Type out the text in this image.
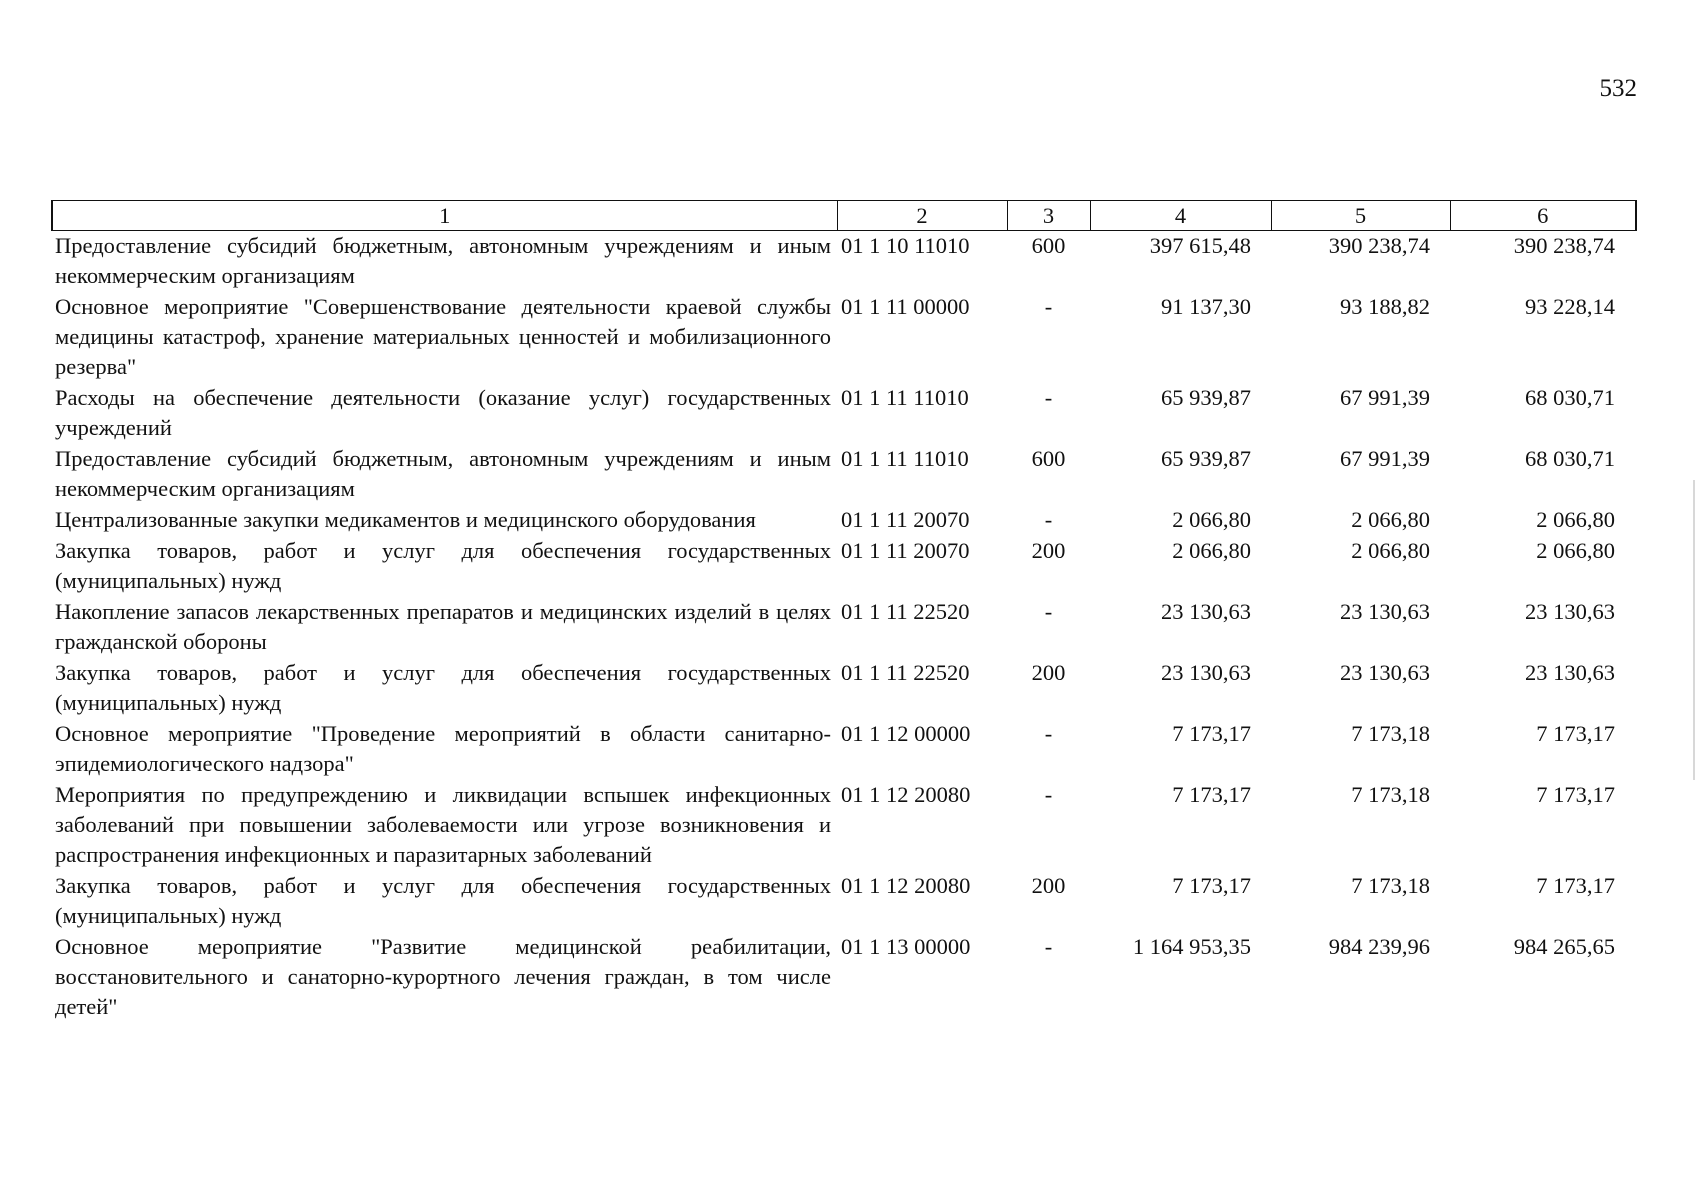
532
1	2	3	4	5	6
Предоставление субсидий бюджетным, автономным учреждениям и иным некоммерческим организациям	01 1 10 11010	600	397 615,48	390 238,74	390 238,74
Основное мероприятие "Совершенствование деятельности краевой службы медицины катастроф, хранение материальных ценностей и мобилизационного резерва"	01 1 11 00000	-	91 137,30	93 188,82	93 228,14
Расходы на обеспечение деятельности (оказание услуг) государственных учреждений	01 1 11 11010	-	65 939,87	67 991,39	68 030,71
Предоставление субсидий бюджетным, автономным учреждениям и иным некоммерческим организациям	01 1 11 11010	600	65 939,87	67 991,39	68 030,71
Централизованные закупки медикаментов и медицинского оборудования	01 1 11 20070	-	2 066,80	2 066,80	2 066,80
Закупка товаров, работ и услуг для обеспечения государственных (муниципальных) нужд	01 1 11 20070	200	2 066,80	2 066,80	2 066,80
Накопление запасов лекарственных препаратов и медицинских изделий в целях гражданской обороны	01 1 11 22520	-	23 130,63	23 130,63	23 130,63
Закупка товаров, работ и услуг для обеспечения государственных (муниципальных) нужд	01 1 11 22520	200	23 130,63	23 130,63	23 130,63
Основное мероприятие "Проведение мероприятий в области санитарно-эпидемиологического надзора"	01 1 12 00000	-	7 173,17	7 173,18	7 173,17
Мероприятия по предупреждению и ликвидации вспышек инфекционных заболеваний при повышении заболеваемости или угрозе возникновения и распространения инфекционных и паразитарных заболеваний	01 1 12 20080	-	7 173,17	7 173,18	7 173,17
Закупка товаров, работ и услуг для обеспечения государственных (муниципальных) нужд	01 1 12 20080	200	7 173,17	7 173,18	7 173,17
Основное мероприятие "Развитие медицинской реабилитации, восстановительного и санаторно-курортного лечения граждан, в том числе детей"	01 1 13 00000	-	1 164 953,35	984 239,96	984 265,65
